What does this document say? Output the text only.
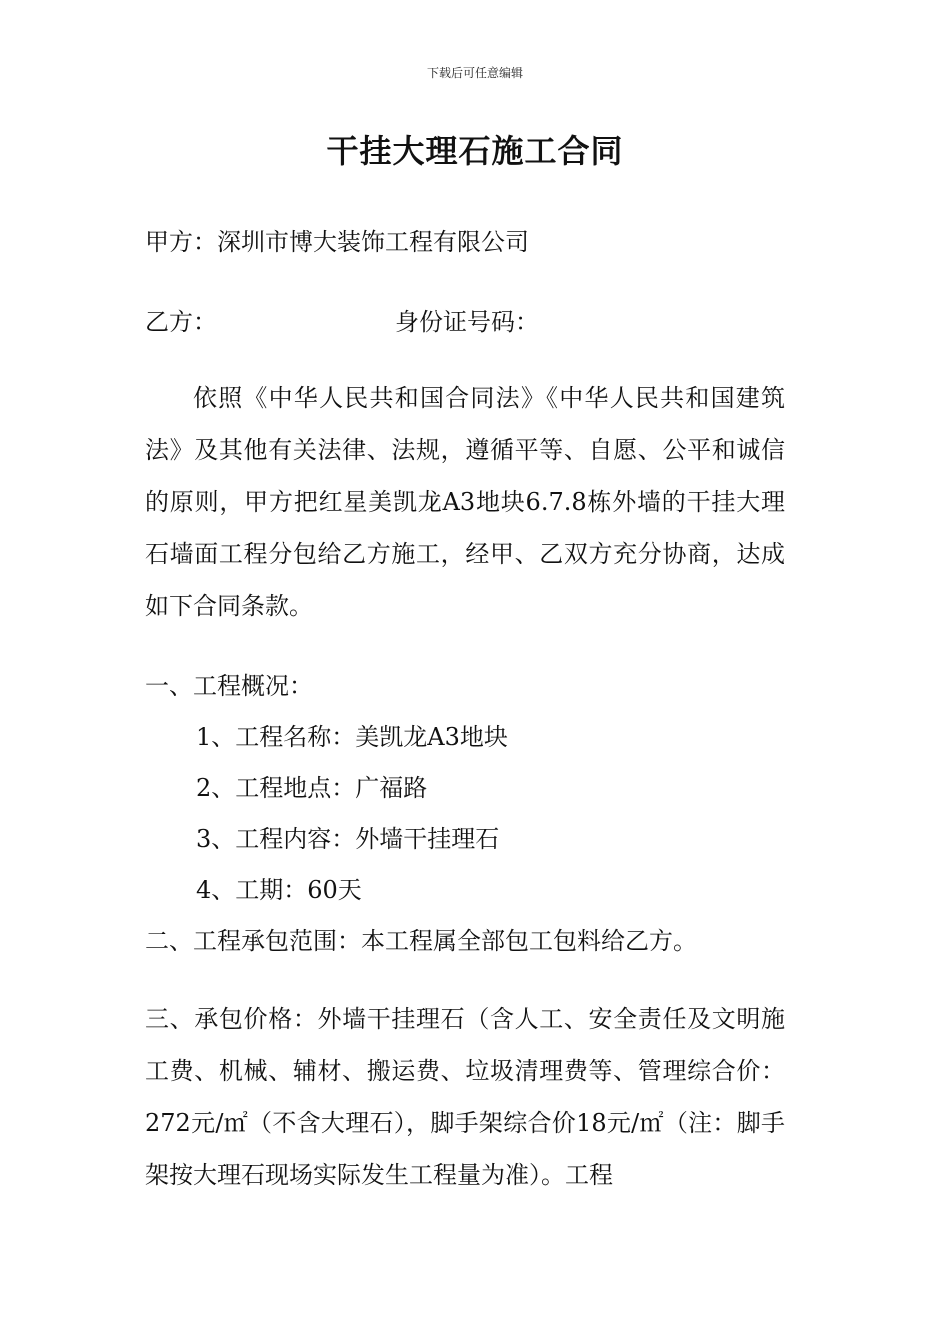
下载后可任意编辑
干挂大理石施工合同
甲方：深圳市博大装饰工程有限公司
乙方：	身份证号码：
依照《中华人民共和国合同法》《中华人民共和国建筑法》及其他有关法律、法规，遵循平等、自愿、公平和诚信的原则，甲方把红星美凯龙A3地块6.7.8栋外墙的干挂大理石墙面工程分包给乙方施工，经甲、乙双方充分协商，达成如下合同条款。
一、工程概况：
1、工程名称：美凯龙A3地块
2、工程地点：广福路
3、工程内容：外墙干挂理石
4、工期：60天
二、工程承包范围：本工程属全部包工包料给乙方。
三、承包价格：外墙干挂理石（含人工、安全责任及文明施工费、机械、辅材、搬运费、垃圾清理费等、管理综合价： 272元/㎡（不含大理石），脚手架综合价18元/㎡（注：脚手架按大理石现场实际发生工程量为准）。工程
